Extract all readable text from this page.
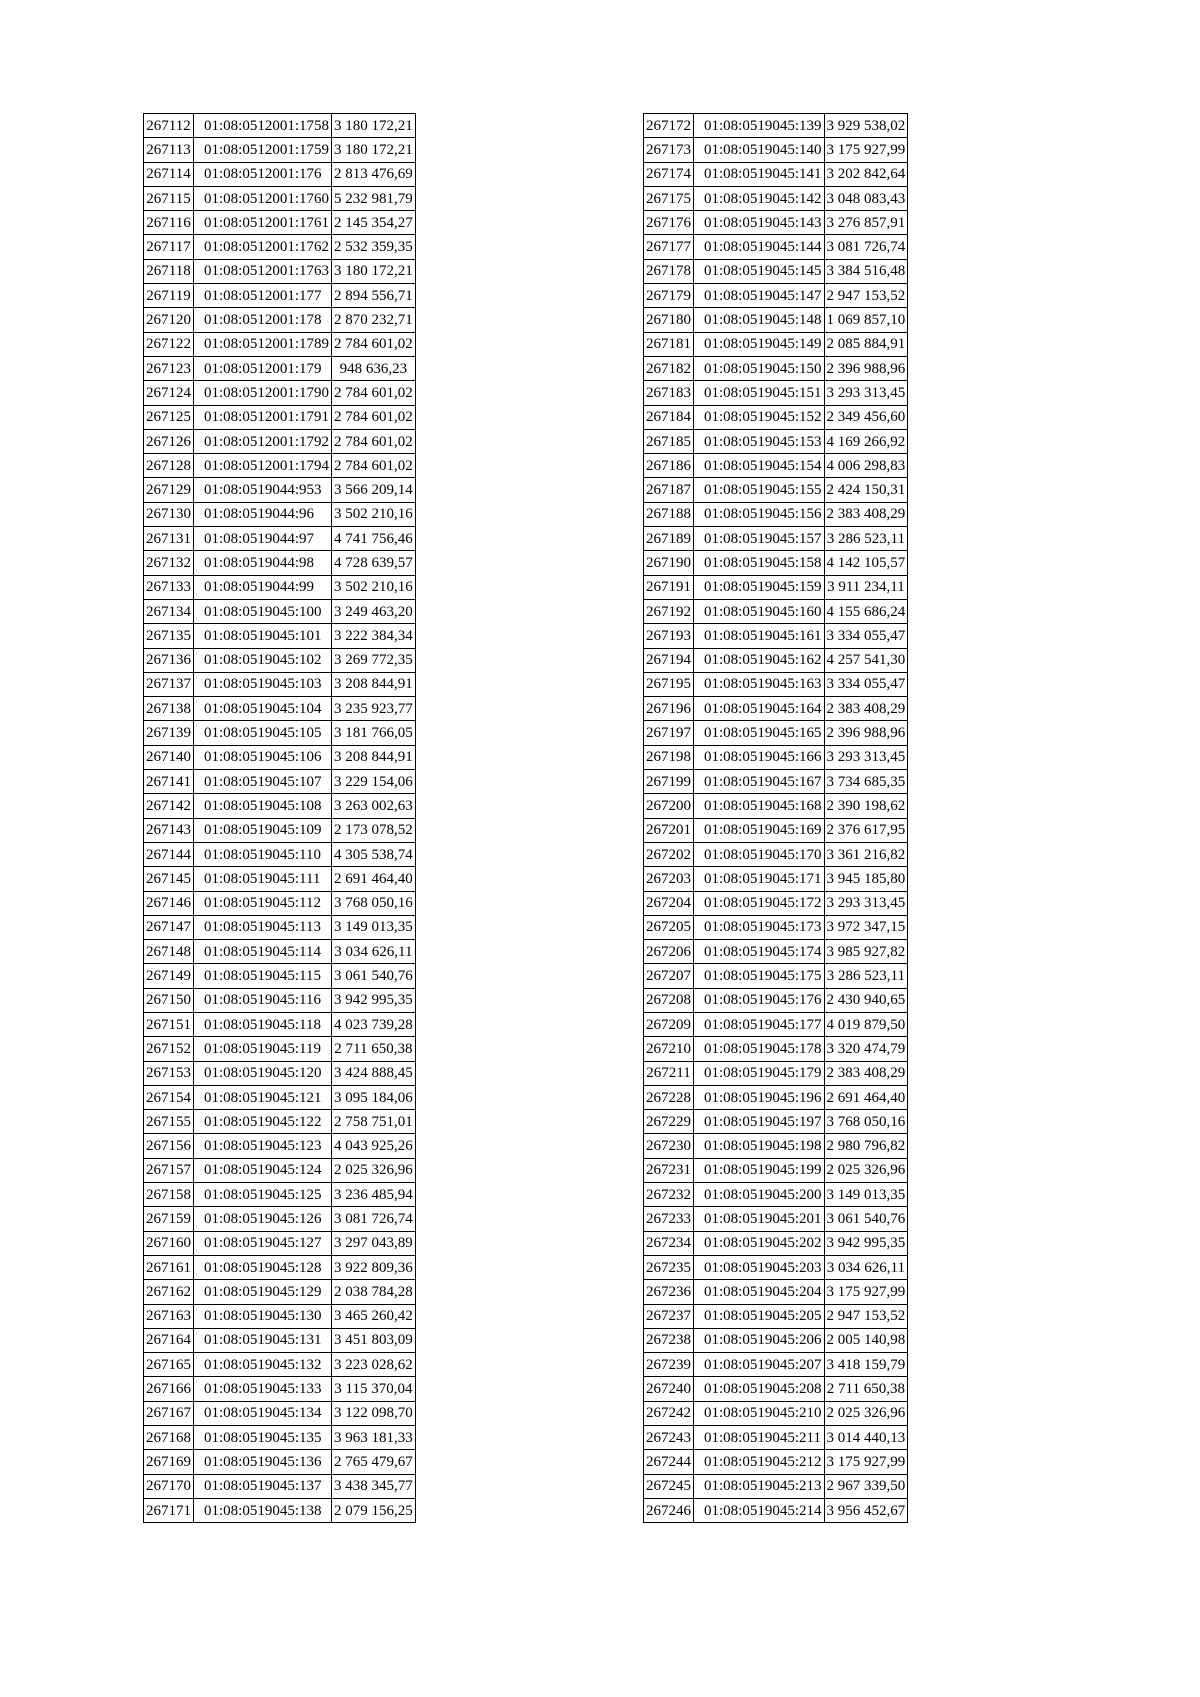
267112	01:08:0512001:1758	3 180 172,21
267113	01:08:0512001:1759	3 180 172,21
267114	01:08:0512001:176	2 813 476,69
267115	01:08:0512001:1760	5 232 981,79
267116	01:08:0512001:1761	2 145 354,27
267117	01:08:0512001:1762	2 532 359,35
267118	01:08:0512001:1763	3 180 172,21
267119	01:08:0512001:177	2 894 556,71
267120	01:08:0512001:178	2 870 232,71
267122	01:08:0512001:1789	2 784 601,02
267123	01:08:0512001:179	948 636,23
267124	01:08:0512001:1790	2 784 601,02
267125	01:08:0512001:1791	2 784 601,02
267126	01:08:0512001:1792	2 784 601,02
267128	01:08:0512001:1794	2 784 601,02
267129	01:08:0519044:953	3 566 209,14
267130	01:08:0519044:96	3 502 210,16
267131	01:08:0519044:97	4 741 756,46
267132	01:08:0519044:98	4 728 639,57
267133	01:08:0519044:99	3 502 210,16
267134	01:08:0519045:100	3 249 463,20
267135	01:08:0519045:101	3 222 384,34
267136	01:08:0519045:102	3 269 772,35
267137	01:08:0519045:103	3 208 844,91
267138	01:08:0519045:104	3 235 923,77
267139	01:08:0519045:105	3 181 766,05
267140	01:08:0519045:106	3 208 844,91
267141	01:08:0519045:107	3 229 154,06
267142	01:08:0519045:108	3 263 002,63
267143	01:08:0519045:109	2 173 078,52
267144	01:08:0519045:110	4 305 538,74
267145	01:08:0519045:111	2 691 464,40
267146	01:08:0519045:112	3 768 050,16
267147	01:08:0519045:113	3 149 013,35
267148	01:08:0519045:114	3 034 626,11
267149	01:08:0519045:115	3 061 540,76
267150	01:08:0519045:116	3 942 995,35
267151	01:08:0519045:118	4 023 739,28
267152	01:08:0519045:119	2 711 650,38
267153	01:08:0519045:120	3 424 888,45
267154	01:08:0519045:121	3 095 184,06
267155	01:08:0519045:122	2 758 751,01
267156	01:08:0519045:123	4 043 925,26
267157	01:08:0519045:124	2 025 326,96
267158	01:08:0519045:125	3 236 485,94
267159	01:08:0519045:126	3 081 726,74
267160	01:08:0519045:127	3 297 043,89
267161	01:08:0519045:128	3 922 809,36
267162	01:08:0519045:129	2 038 784,28
267163	01:08:0519045:130	3 465 260,42
267164	01:08:0519045:131	3 451 803,09
267165	01:08:0519045:132	3 223 028,62
267166	01:08:0519045:133	3 115 370,04
267167	01:08:0519045:134	3 122 098,70
267168	01:08:0519045:135	3 963 181,33
267169	01:08:0519045:136	2 765 479,67
267170	01:08:0519045:137	3 438 345,77
267171	01:08:0519045:138	2 079 156,25
267172	01:08:0519045:139	3 929 538,02
267173	01:08:0519045:140	3 175 927,99
267174	01:08:0519045:141	3 202 842,64
267175	01:08:0519045:142	3 048 083,43
267176	01:08:0519045:143	3 276 857,91
267177	01:08:0519045:144	3 081 726,74
267178	01:08:0519045:145	3 384 516,48
267179	01:08:0519045:147	2 947 153,52
267180	01:08:0519045:148	1 069 857,10
267181	01:08:0519045:149	2 085 884,91
267182	01:08:0519045:150	2 396 988,96
267183	01:08:0519045:151	3 293 313,45
267184	01:08:0519045:152	2 349 456,60
267185	01:08:0519045:153	4 169 266,92
267186	01:08:0519045:154	4 006 298,83
267187	01:08:0519045:155	2 424 150,31
267188	01:08:0519045:156	2 383 408,29
267189	01:08:0519045:157	3 286 523,11
267190	01:08:0519045:158	4 142 105,57
267191	01:08:0519045:159	3 911 234,11
267192	01:08:0519045:160	4 155 686,24
267193	01:08:0519045:161	3 334 055,47
267194	01:08:0519045:162	4 257 541,30
267195	01:08:0519045:163	3 334 055,47
267196	01:08:0519045:164	2 383 408,29
267197	01:08:0519045:165	2 396 988,96
267198	01:08:0519045:166	3 293 313,45
267199	01:08:0519045:167	3 734 685,35
267200	01:08:0519045:168	2 390 198,62
267201	01:08:0519045:169	2 376 617,95
267202	01:08:0519045:170	3 361 216,82
267203	01:08:0519045:171	3 945 185,80
267204	01:08:0519045:172	3 293 313,45
267205	01:08:0519045:173	3 972 347,15
267206	01:08:0519045:174	3 985 927,82
267207	01:08:0519045:175	3 286 523,11
267208	01:08:0519045:176	2 430 940,65
267209	01:08:0519045:177	4 019 879,50
267210	01:08:0519045:178	3 320 474,79
267211	01:08:0519045:179	2 383 408,29
267228	01:08:0519045:196	2 691 464,40
267229	01:08:0519045:197	3 768 050,16
267230	01:08:0519045:198	2 980 796,82
267231	01:08:0519045:199	2 025 326,96
267232	01:08:0519045:200	3 149 013,35
267233	01:08:0519045:201	3 061 540,76
267234	01:08:0519045:202	3 942 995,35
267235	01:08:0519045:203	3 034 626,11
267236	01:08:0519045:204	3 175 927,99
267237	01:08:0519045:205	2 947 153,52
267238	01:08:0519045:206	2 005 140,98
267239	01:08:0519045:207	3 418 159,79
267240	01:08:0519045:208	2 711 650,38
267242	01:08:0519045:210	2 025 326,96
267243	01:08:0519045:211	3 014 440,13
267244	01:08:0519045:212	3 175 927,99
267245	01:08:0519045:213	2 967 339,50
267246	01:08:0519045:214	3 956 452,67
